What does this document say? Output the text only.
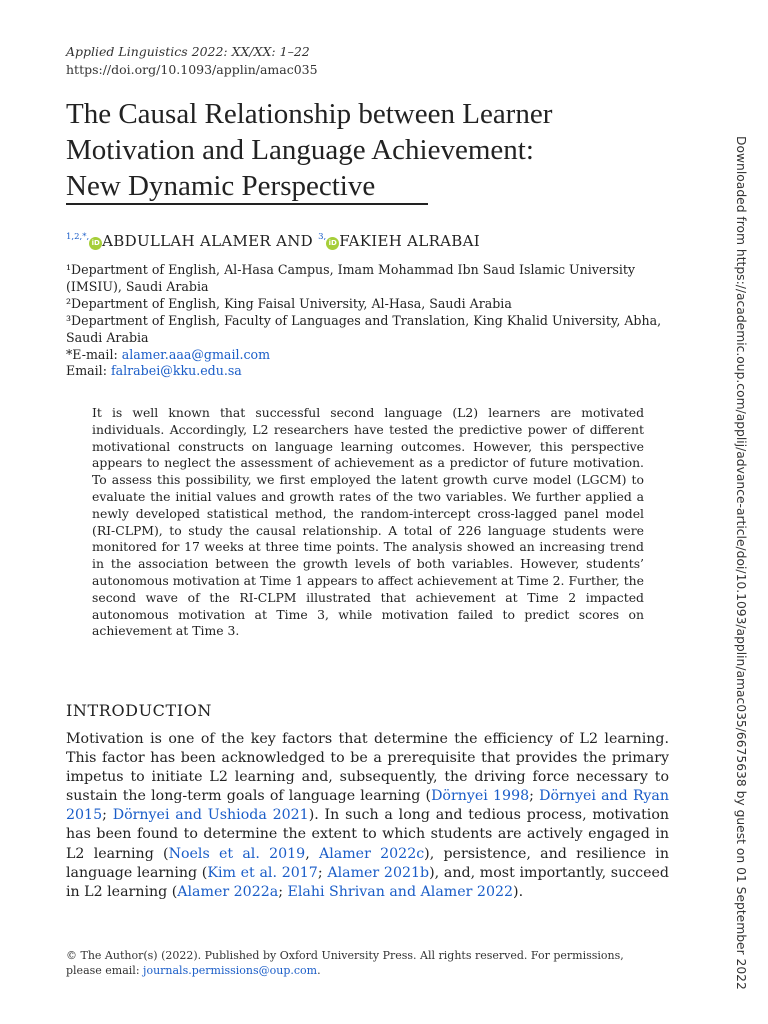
Applied Linguistics 2022: XX/XX: 1–22
https://doi.org/10.1093/applin/amac035
The Causal Relationship between Learner
Motivation and Language Achievement:
New Dynamic Perspective
$^{1,2,*,}$iD ABDULLAH ALAMER AND $^{3,}$iD FAKIEH ALRABAI

¹Department of English, Al-Hasa Campus, Imam Mohammad Ibn Saud Islamic University (IMSIU), Saudi Arabia

²Department of English, King Faisal University, Al-Hasa, Saudi Arabia

³Department of English, Faculty of Languages and Translation, King Khalid University, Abha, Saudi Arabia

*E-mail: alamer.aaa@gmail.com

Email: falrabei@kku.edu.sa

It is well known that successful second language (L2) learners are motivated individuals. Accordingly, L2 researchers have tested the predictive power of different motivational constructs on language learning outcomes. However, this perspective appears to neglect the assessment of achievement as a predictor of future motivation. To assess this possibility, we first employed the latent growth curve model (LGCM) to evaluate the initial values and growth rates of the two variables. We further applied a newly developed statistical method, the random-intercept cross-lagged panel model (RI-CLPM), to study the causal relationship. A total of 226 language students were monitored for 17 weeks at three time points. The analysis showed an increasing trend in the association between the growth levels of both variables. However, students’ autonomous motivation at Time 1 appears to affect achievement at Time 2. Further, the second wave of the RI-CLPM illustrated that achievement at Time 2 impacted autonomous motivation at Time 3, while motivation failed to predict scores on achievement at Time 3.
INTRODUCTION
Motivation is one of the key factors that determine the efficiency of L2 learning. This factor has been acknowledged to be a prerequisite that provides the primary impetus to initiate L2 learning and, subsequently, the driving force necessary to sustain the long-term goals of language learning (Dörnyei 1998; Dörnyei and Ryan 2015; Dörnyei and Ushioda 2021). In such a long and tedious process, motivation has been found to determine the extent to which students are actively engaged in L2 learning (Noels et al. 2019, Alamer 2022c), persistence, and resilience in language learning (Kim et al. 2017; Alamer 2021b), and, most importantly, succeed in L2 learning (Alamer 2022a; Elahi Shrivan and Alamer 2022).
© The Author(s) (2022). Published by Oxford University Press. All rights reserved. For permissions,
please email: journals.permissions@oup.com.	Downloaded from https://academic.oup.com/applij/advance-article/doi/10.1093/applin/amac035/6675638 by guest on 01 September 2022
